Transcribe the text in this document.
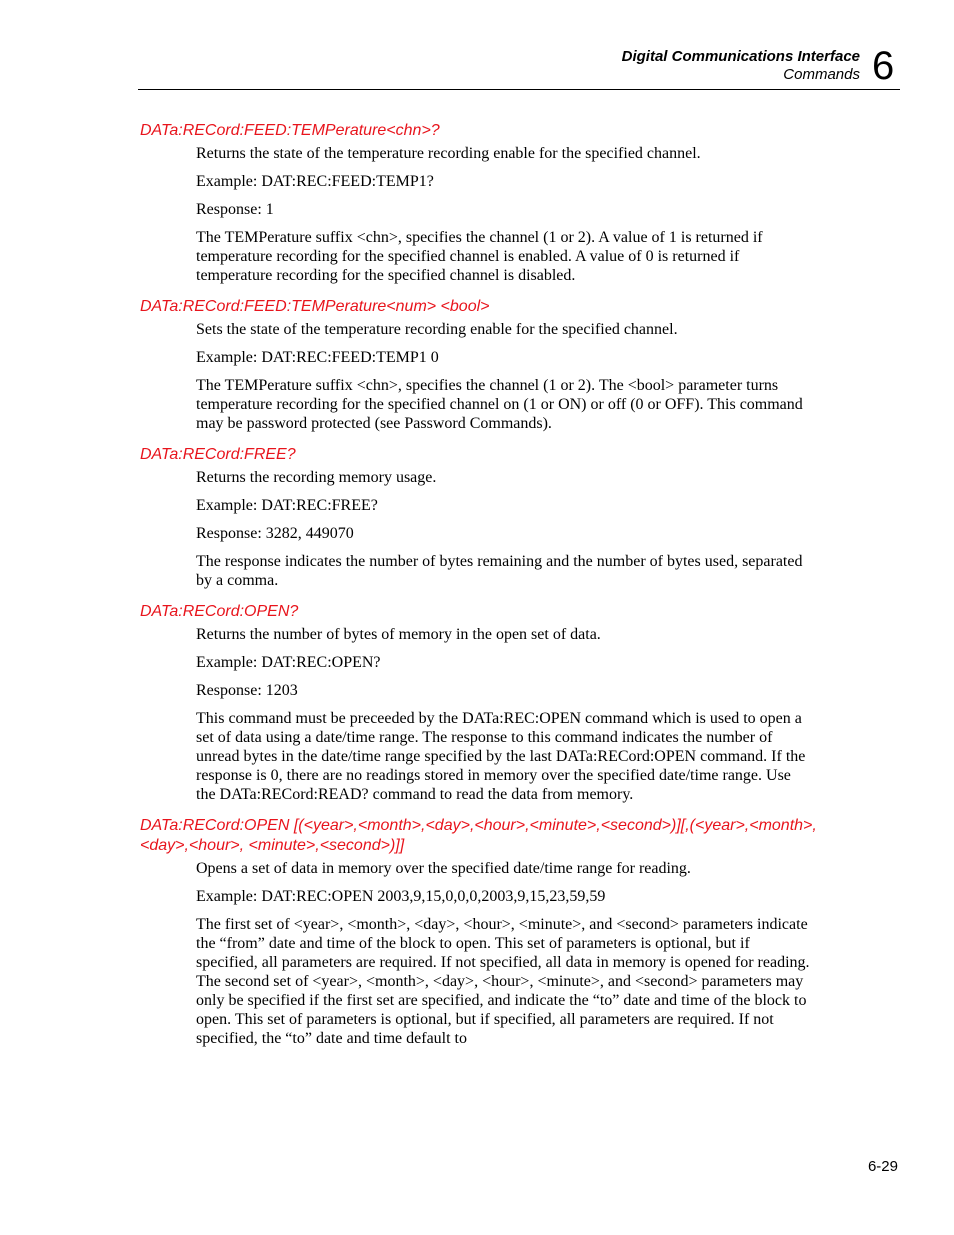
Digital Communications Interface
Commands 6
DATa:RECord:FEED:TEMPerature<chn>?

Returns the state of the temperature recording enable for the specified channel.

Example: DAT:REC:FEED:TEMP1?

Response: 1

The TEMPerature suffix <chn>, specifies the channel (1 or 2). A value of 1 is returned if temperature recording for the specified channel is enabled. A value of 0 is returned if temperature recording for the specified channel is disabled.

DATa:RECord:FEED:TEMPerature<num> <bool>

Sets the state of the temperature recording enable for the specified channel.

Example: DAT:REC:FEED:TEMP1 0

The TEMPerature suffix <chn>, specifies the channel (1 or 2). The <bool> parameter turns temperature recording for the specified channel on (1 or ON) or off (0 or OFF). This command may be password protected (see Password Commands).

DATa:RECord:FREE?

Returns the recording memory usage.

Example: DAT:REC:FREE?

Response: 3282, 449070

The response indicates the number of bytes remaining and the number of bytes used, separated by a comma.

DATa:RECord:OPEN?

Returns the number of bytes of memory in the open set of data.

Example: DAT:REC:OPEN?

Response: 1203

This command must be preceeded by the DATa:REC:OPEN command which is used to open a set of data using a date/time range. The response to this command indicates the number of unread bytes in the date/time range specified by the last DATa:RECord:OPEN command. If the response is 0, there are no readings stored in memory over the specified date/time range. Use the DATa:RECord:READ? command to read the data from memory.

DATa:RECord:OPEN [(<year>,<month>,<day>,<hour>,<minute>,<second>)][,(<year>,<month>,<day>,<hour>, <minute>,<second>)]]

Opens a set of data in memory over the specified date/time range for reading.

Example: DAT:REC:OPEN 2003,9,15,0,0,0,2003,9,15,23,59,59

The first set of <year>, <month>, <day>, <hour>, <minute>, and <second> parameters indicate the “from” date and time of the block to open. This set of parameters is optional, but if specified, all parameters are required. If not specified, all data in memory is opened for reading. The second set of <year>, <month>, <day>, <hour>, <minute>, and <second> parameters may only be specified if the first set are specified, and indicate the “to” date and time of the block to open. This set of parameters is optional, but if specified, all parameters are required. If not specified, the “to” date and time default to

6-29
